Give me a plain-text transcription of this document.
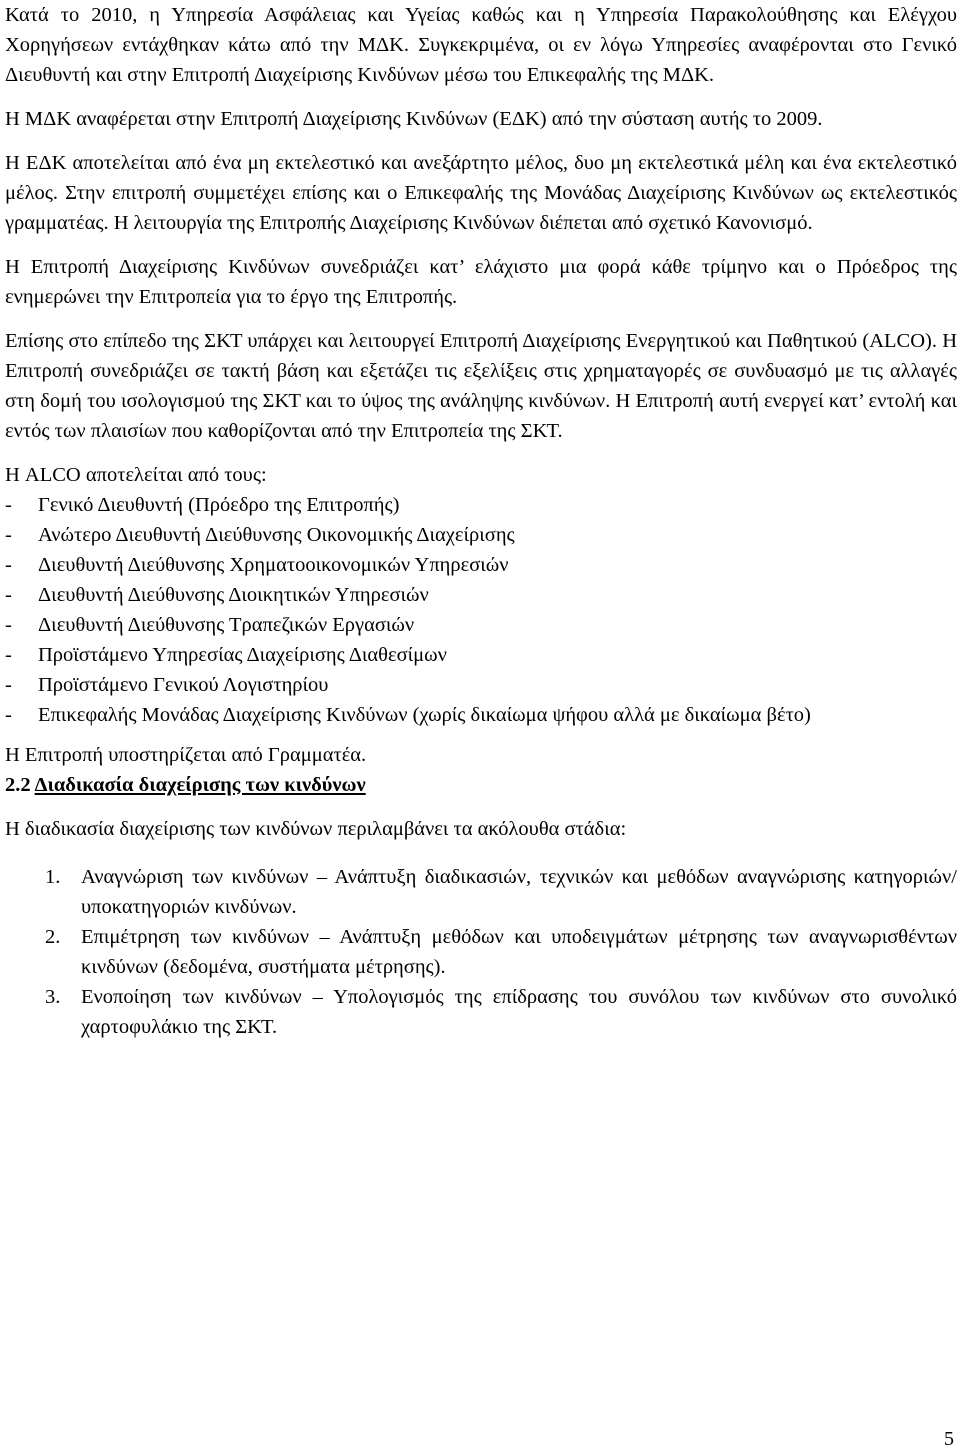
Κατά το 2010, η Υπηρεσία Ασφάλειας και Υγείας καθώς και η Υπηρεσία Παρακολούθησης και Ελέγχου Χορηγήσεων εντάχθηκαν κάτω από την ΜΔΚ. Συγκεκριμένα, οι εν λόγω Υπηρεσίες αναφέρονται στο Γενικό Διευθυντή και στην Επιτροπή Διαχείρισης Κινδύνων μέσω του Επικεφαλής της ΜΔΚ.

Η ΜΔΚ αναφέρεται στην Επιτροπή Διαχείρισης Κινδύνων (ΕΔΚ) από την σύσταση αυτής το 2009.

Η ΕΔΚ αποτελείται από ένα μη εκτελεστικό και ανεξάρτητο μέλος, δυο μη εκτελεστικά μέλη και ένα εκτελεστικό μέλος. Στην επιτροπή συμμετέχει επίσης και ο Επικεφαλής της Μονάδας Διαχείρισης Κινδύνων ως εκτελεστικός γραμματέας. Η λειτουργία της Επιτροπής Διαχείρισης Κινδύνων διέπεται από σχετικό Κανονισμό.

Η Επιτροπή Διαχείρισης Κινδύνων συνεδριάζει κατ’ ελάχιστο μια φορά κάθε τρίμηνο και ο Πρόεδρος της ενημερώνει την Επιτροπεία για το έργο της Επιτροπής.

Επίσης στο επίπεδο της ΣΚΤ υπάρχει και λειτουργεί Επιτροπή Διαχείρισης Ενεργητικού και Παθητικού (ALCO). Η Επιτροπή συνεδριάζει σε τακτή βάση και εξετάζει τις εξελίξεις στις χρηματαγορές σε συνδυασμό με τις αλλαγές στη δομή του ισολογισμού της ΣΚΤ και το ύψος της ανάληψης κινδύνων. Η Επιτροπή αυτή ενεργεί κατ’ εντολή και εντός των πλαισίων που καθορίζονται από την Επιτροπεία της ΣΚΤ.

Η ALCO αποτελείται από τους:

- Γενικό Διευθυντή (Πρόεδρο της Επιτροπής)
- Ανώτερο Διευθυντή Διεύθυνσης Οικονομικής Διαχείρισης
- Διευθυντή Διεύθυνσης Χρηματοοικονομικών Υπηρεσιών
- Διευθυντή Διεύθυνσης Διοικητικών Υπηρεσιών
- Διευθυντή Διεύθυνσης Τραπεζικών Εργασιών
- Προϊστάμενο Υπηρεσίας Διαχείρισης Διαθεσίμων
- Προϊστάμενο Γενικού Λογιστηρίου
- Επικεφαλής Μονάδας Διαχείρισης Κινδύνων (χωρίς δικαίωμα ψήφου αλλά με δικαίωμα βέτο)

Η Επιτροπή υποστηρίζεται από Γραμματέα.

2.2 Διαδικασία διαχείρισης των κινδύνων

Η διαδικασία διαχείρισης των κινδύνων περιλαμβάνει τα ακόλουθα στάδια:

1. Αναγνώριση των κινδύνων – Ανάπτυξη διαδικασιών, τεχνικών και μεθόδων αναγνώρισης κατηγοριών/υποκατηγοριών κινδύνων.
2. Επιμέτρηση των κινδύνων – Ανάπτυξη μεθόδων και υποδειγμάτων μέτρησης των αναγνωρισθέντων κινδύνων (δεδομένα, συστήματα μέτρησης).
3. Ενοποίηση των κινδύνων – Υπολογισμός της επίδρασης του συνόλου των κινδύνων στο συνολικό χαρτοφυλάκιο της ΣΚΤ.
5
